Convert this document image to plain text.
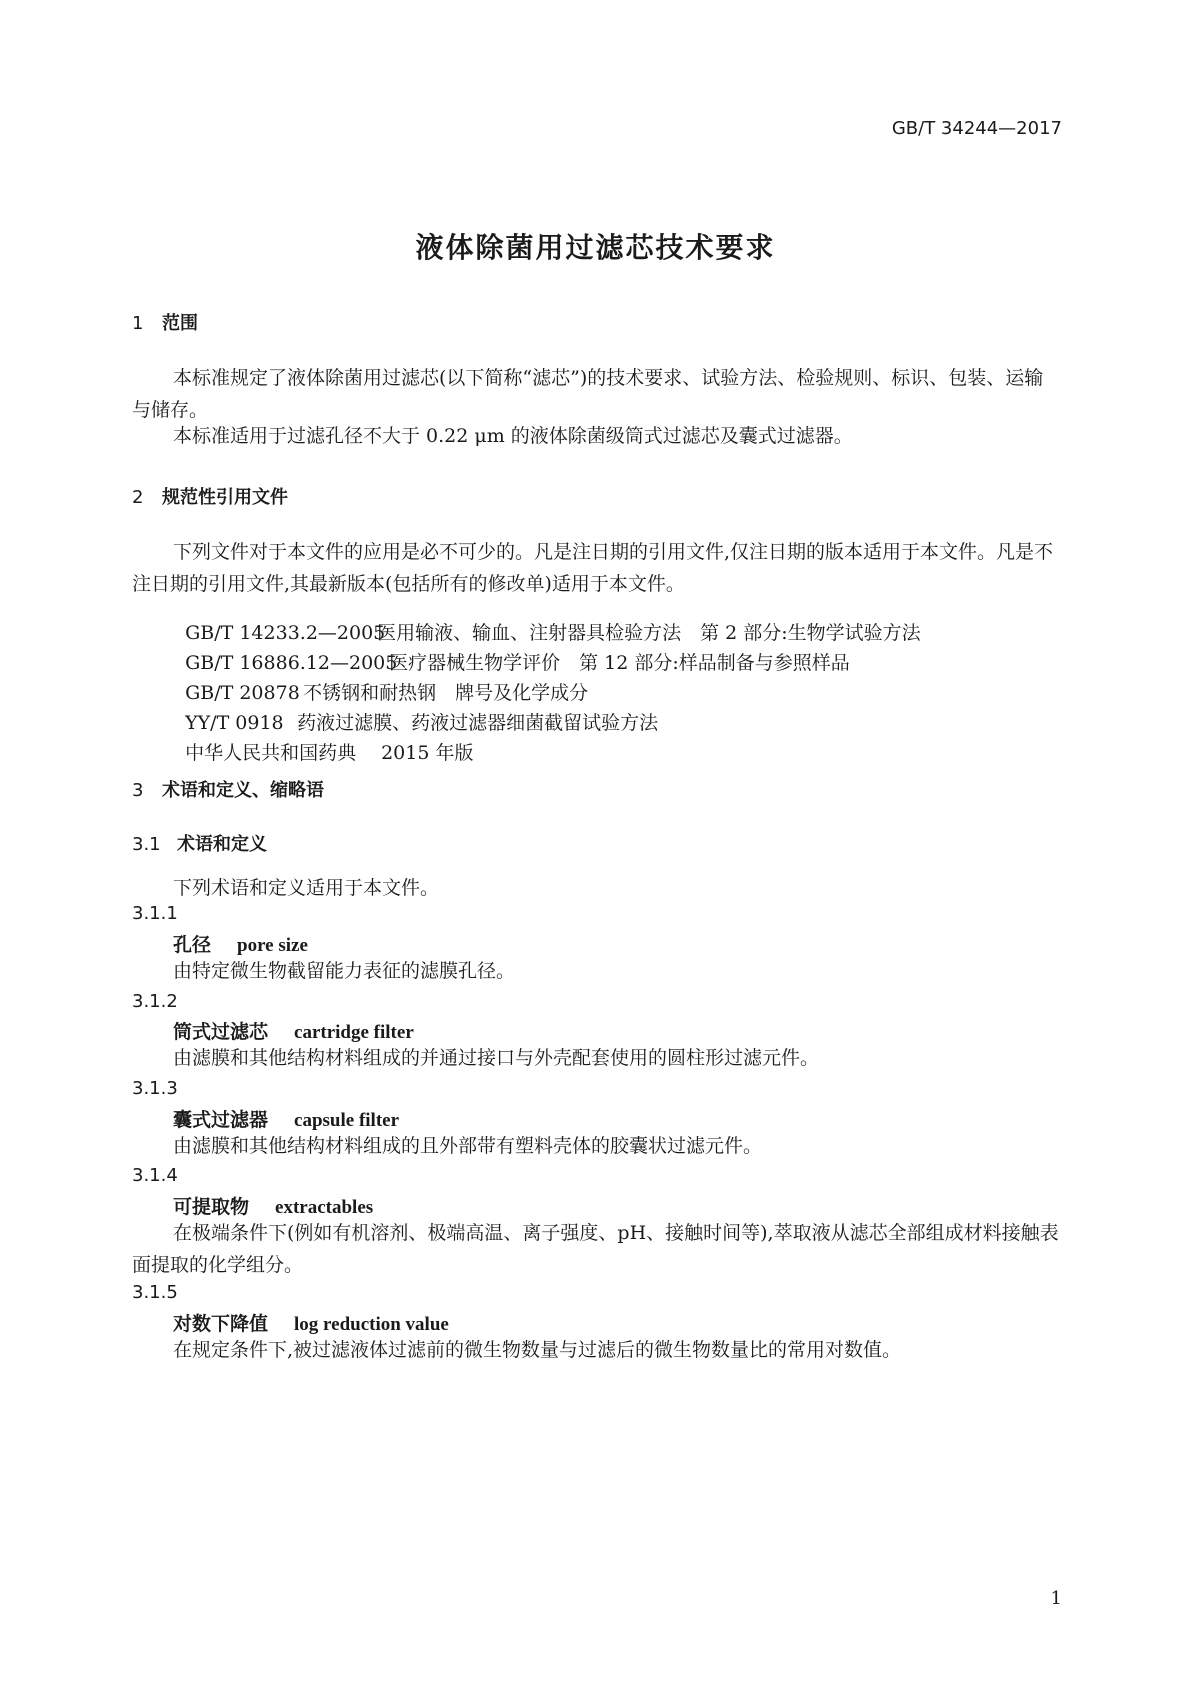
GB/T 34244—2017
液体除菌用过滤芯技术要求
1 范围
本标准规定了液体除菌用过滤芯(以下简称“滤芯”)的技术要求、试验方法、检验规则、标识、包装、运输与储存。
本标准适用于过滤孔径不大于 0.22 μm 的液体除菌级筒式过滤芯及囊式过滤器。
2 规范性引用文件
下列文件对于本文件的应用是必不可少的。凡是注日期的引用文件,仅注日期的版本适用于本文件。凡是不注日期的引用文件,其最新版本(包括所有的修改单)适用于本文件。

GB/T 14233.2—2005医用输液、输血、注射器具检验方法　第 2 部分:生物学试验方法

GB/T 16886.12—2005医疗器械生物学评价　第 12 部分:样品制备与参照样品

GB/T 20878 不锈钢和耐热钢　牌号及化学成分

YY/T 0918 药液过滤膜、药液过滤器细菌截留试验方法

中华人民共和国药典 2015 年版

3 术语和定义、缩略语
3.1 术语和定义
下列术语和定义适用于本文件。
3.1.1
孔径 pore size
由特定微生物截留能力表征的滤膜孔径。
3.1.2
筒式过滤芯 cartridge filter
由滤膜和其他结构材料组成的并通过接口与外壳配套使用的圆柱形过滤元件。
3.1.3
囊式过滤器 capsule filter
由滤膜和其他结构材料组成的且外部带有塑料壳体的胶囊状过滤元件。
3.1.4
可提取物 extractables
在极端条件下(例如有机溶剂、极端高温、离子强度、pH、接触时间等),萃取液从滤芯全部组成材料接触表面提取的化学组分。
3.1.5
对数下降值 log reduction value
在规定条件下,被过滤液体过滤前的微生物数量与过滤后的微生物数量比的常用对数值。
1
